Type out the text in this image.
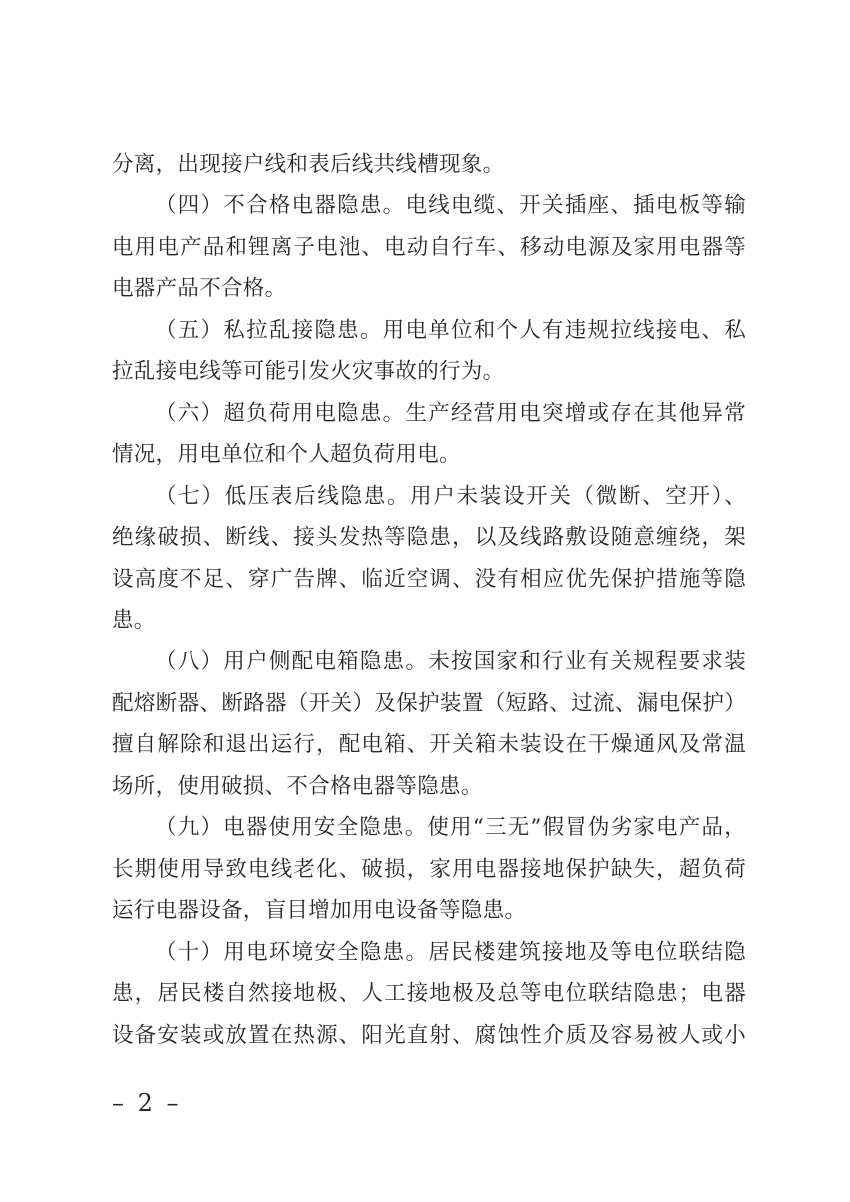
分离，出现接户线和表后线共线槽现象。
（四）不合格电器隐患。电线电缆、开关插座、插电板等输
电用电产品和锂离子电池、电动自行车、移动电源及家用电器等
电器产品不合格。
（五）私拉乱接隐患。用电单位和个人有违规拉线接电、私
拉乱接电线等可能引发火灾事故的行为。
（六）超负荷用电隐患。生产经营用电突增或存在其他异常
情况，用电单位和个人超负荷用电。
（七）低压表后线隐患。用户未装设开关（微断、空开）、
绝缘破损、断线、接头发热等隐患，以及线路敷设随意缠绕，架
设高度不足、穿广告牌、临近空调、没有相应优先保护措施等隐
患。
（八）用户侧配电箱隐患。未按国家和行业有关规程要求装
配熔断器、断路器（开关）及保护装置（短路、过流、漏电保护）
擅自解除和退出运行，配电箱、开关箱未装设在干燥通风及常温
场所，使用破损、不合格电器等隐患。
（九）电器使用安全隐患。使用“三无”假冒伪劣家电产品，
长期使用导致电线老化、破损，家用电器接地保护缺失，超负荷
运行电器设备，盲目增加用电设备等隐患。
（十）用电环境安全隐患。居民楼建筑接地及等电位联结隐
患，居民楼自然接地极、人工接地极及总等电位联结隐患；电器
设备安装或放置在热源、阳光直射、腐蚀性介质及容易被人或小
– 2 –
